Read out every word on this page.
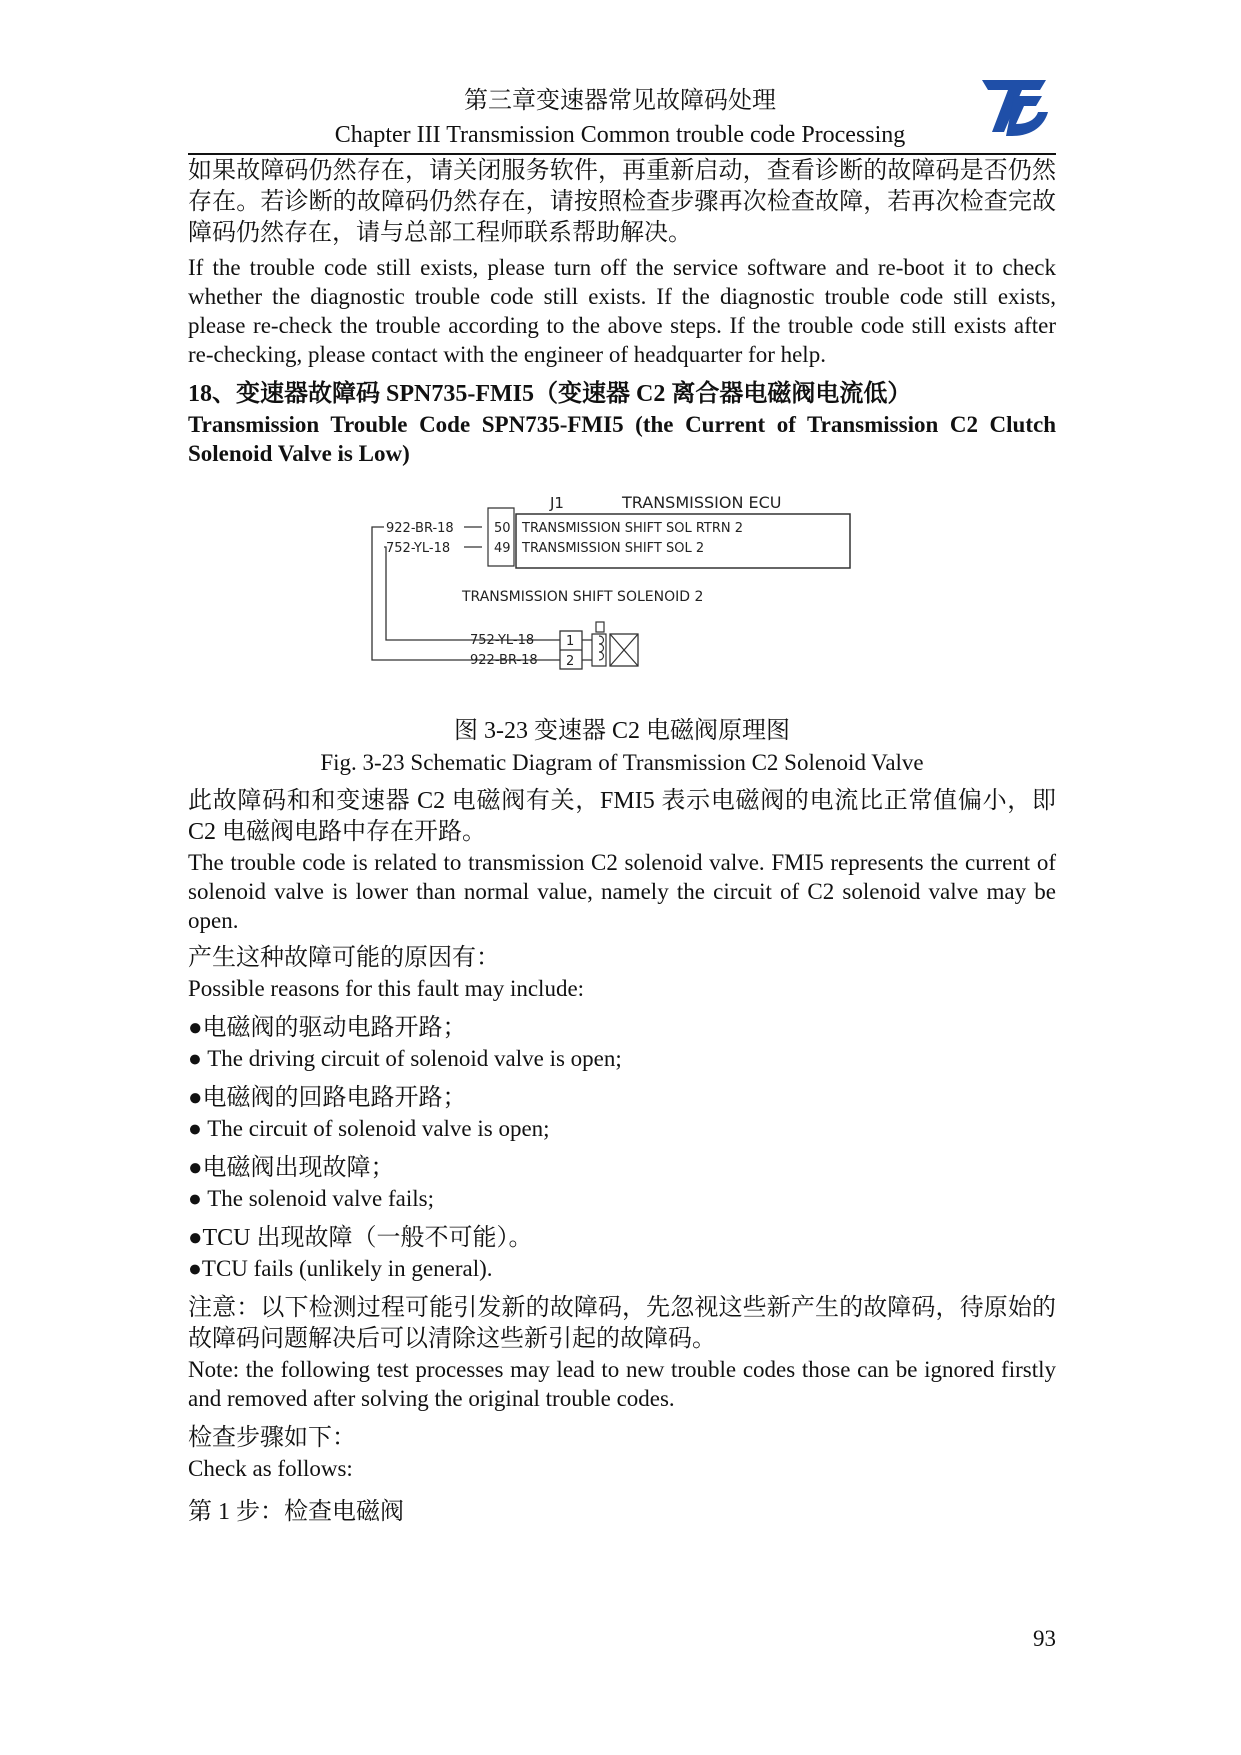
第三章变速器常见故障码处理
Chapter III Transmission Common trouble code Processing

如果故障码仍然存在，请关闭服务软件，再重新启动，查看诊断的故障码是否仍然存在。若诊断的故障码仍然存在，请按照检查步骤再次检查故障，若再次检查完故障码仍然存在，请与总部工程师联系帮助解决。

If the trouble code still exists, please turn off the service software and re-boot it to check whether the diagnostic trouble code still exists. If the diagnostic trouble code still exists, please re-check the trouble according to the above steps. If the trouble code still exists after re-checking, please contact with the engineer of headquarter for help.

18、变速器故障码 SPN735-FMI5（变速器 C2 离合器电磁阀电流低）

Transmission Trouble Code SPN735-FMI5 (the Current of Transmission C2 Clutch Solenoid Valve is Low)

J1	TRANSMISSION ECU
50
49
TRANSMISSION SHIFT SOL RTRN 2
TRANSMISSION SHIFT SOL 2
922-BR-18
752-YL-18
TRANSMISSION SHIFT SOLENOID 2
752-YL-18
922-BR-18
1
2

图 3-23 变速器 C2 电磁阀原理图

Fig. 3-23 Schematic Diagram of Transmission C2 Solenoid Valve

此故障码和和变速器 C2 电磁阀有关，FMI5 表示电磁阀的电流比正常值偏小，即 C2 电磁阀电路中存在开路。

The trouble code is related to transmission C2 solenoid valve. FMI5 represents the current of solenoid valve is lower than normal value, namely the circuit of C2 solenoid valve may be open.

产生这种故障可能的原因有：

Possible reasons for this fault may include:

●电磁阀的驱动电路开路；

● The driving circuit of solenoid valve is open;

●电磁阀的回路电路开路；

● The circuit of solenoid valve is open;

●电磁阀出现故障；

● The solenoid valve fails;

●TCU 出现故障（一般不可能）。

●TCU fails (unlikely in general).

注意：以下检测过程可能引发新的故障码，先忽视这些新产生的故障码，待原始的故障码问题解决后可以清除这些新引起的故障码。

Note: the following test processes may lead to new trouble codes those can be ignored firstly and removed after solving the original trouble codes.

检查步骤如下：

Check as follows:

第 1 步：检查电磁阀

93
